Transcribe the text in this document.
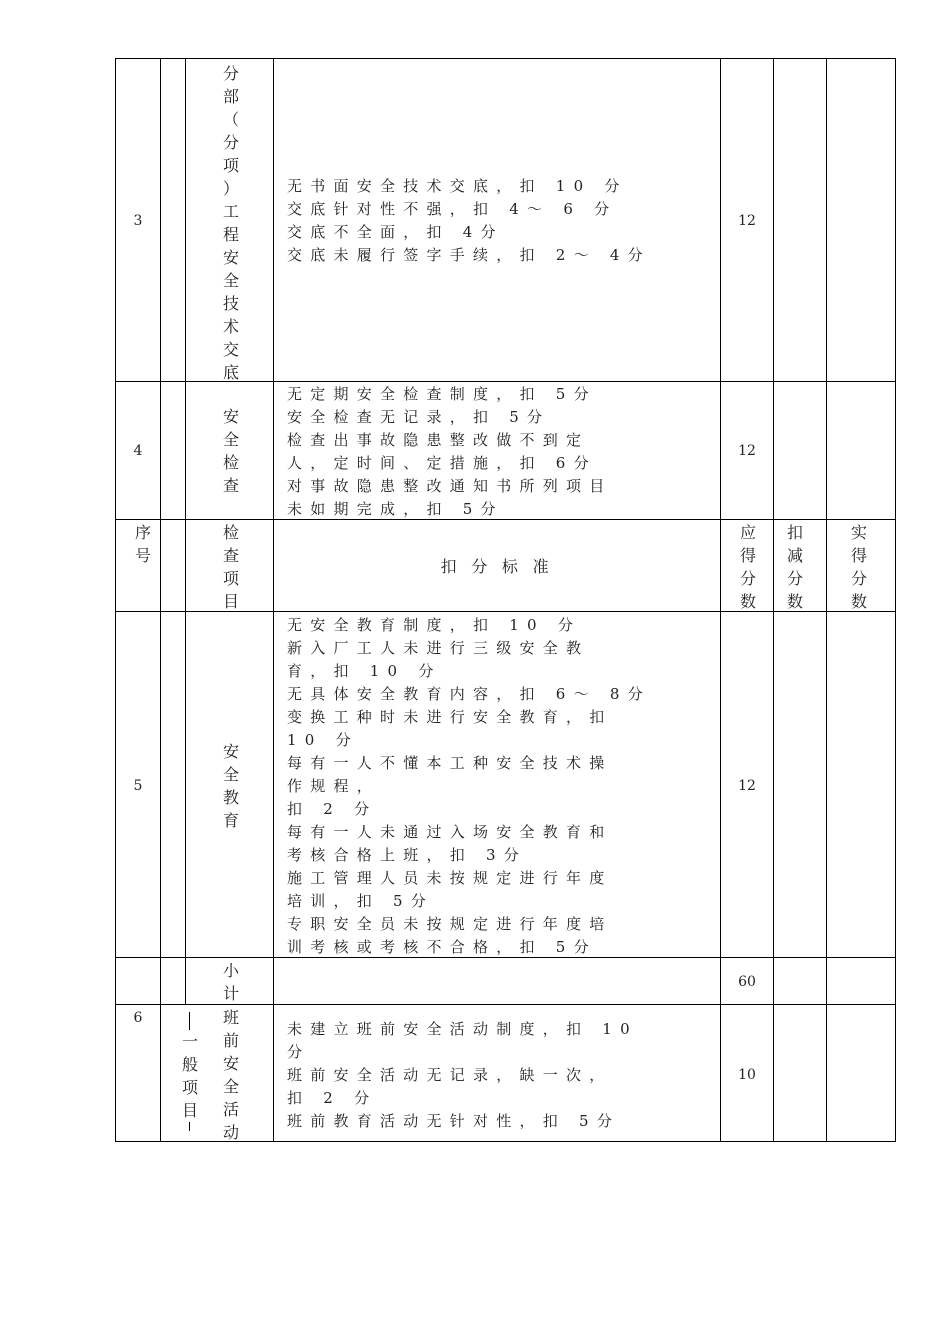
3
分
部
（
分
项
）
工
程
安
全
技
术
交
底
无书面安全技术交底，扣 10 分
交底针对性不强，扣 4～ 6 分
交底不全面，扣 4分
交底未履行签字手续，扣 2～ 4分
12
4
安
全
检
查
无定期安全检查制度，扣 5分
安全检查无记录，扣 5分
检查出事故隐患整改做不到定
人，定时间、定措施，扣 6分
对事故隐患整改通知书所列项目
未如期完成，扣 5分
12
序
号
检
查
项
目
扣 分 标 准
应
得
分
数
扣
减
分
数
实
得
分
数
5
安
全
教
育
无安全教育制度，扣 10 分
新入厂工人未进行三级安全教
育，扣 10 分
无具体安全教育内容，扣 6～ 8分
变换工种时未进行安全教育，扣
10 分
每有一人不懂本工种安全技术操
作规程，
扣 2 分
每有一人未通过入场安全教育和
考核合格上班，扣 3分
施工管理人员未按规定进行年度
培训，扣 5分
专职安全员未按规定进行年度培
训考核或考核不合格，扣 5分
12
小
计
60
6
一
般
项
目
班
前
安
全
活
动
未建立班前安全活动制度，扣 10
分
班前安全活动无记录，缺一次，
扣 2 分
班前教育活动无针对性，扣 5分
10
